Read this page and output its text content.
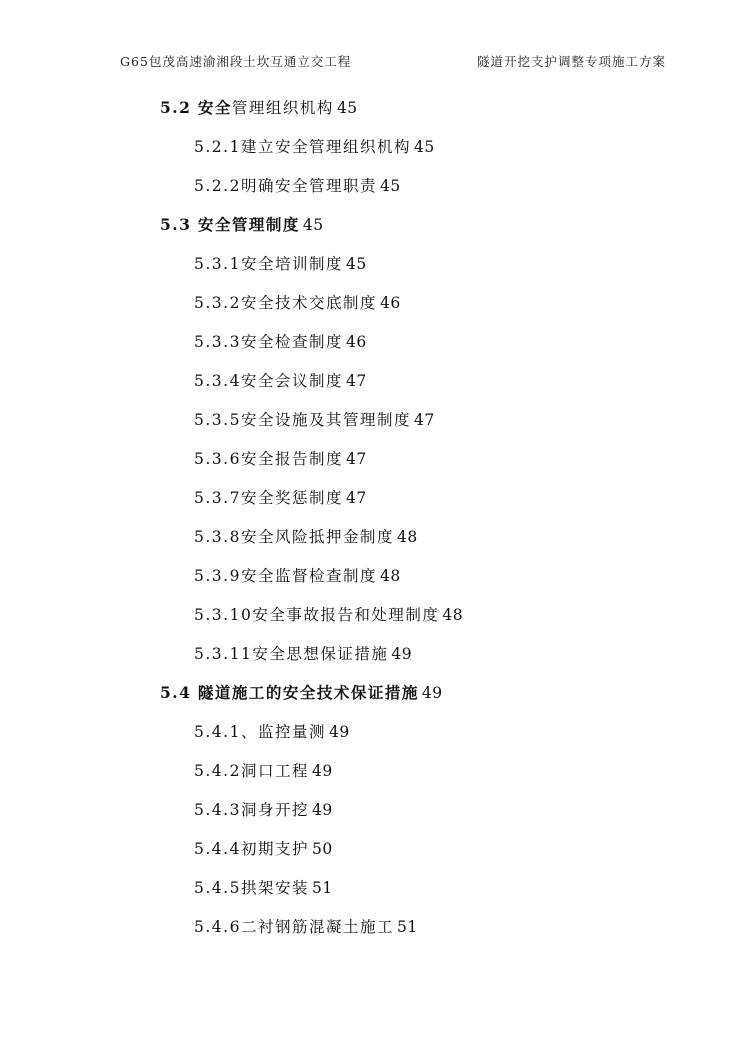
G65包茂高速渝湘段土坎互通立交工程	隧道开挖支护调整专项施工方案
5.2 安全管理组织机构 45
5.2.1建立安全管理组织机构 45
5.2.2明确安全管理职责 45
5.3 安全管理制度 45
5.3.1安全培训制度 45
5.3.2安全技术交底制度 46
5.3.3安全检查制度 46
5.3.4安全会议制度 47
5.3.5安全设施及其管理制度 47
5.3.6安全报告制度 47
5.3.7安全奖惩制度 47
5.3.8安全风险抵押金制度 48
5.3.9安全监督检查制度 48
5.3.10安全事故报告和处理制度 48
5.3.11安全思想保证措施 49
5.4 隧道施工的安全技术保证措施 49
5.4.1、监控量测 49
5.4.2洞口工程 49
5.4.3洞身开挖 49
5.4.4初期支护 50
5.4.5拱架安装 51
5.4.6二衬钢筋混凝土施工 51
